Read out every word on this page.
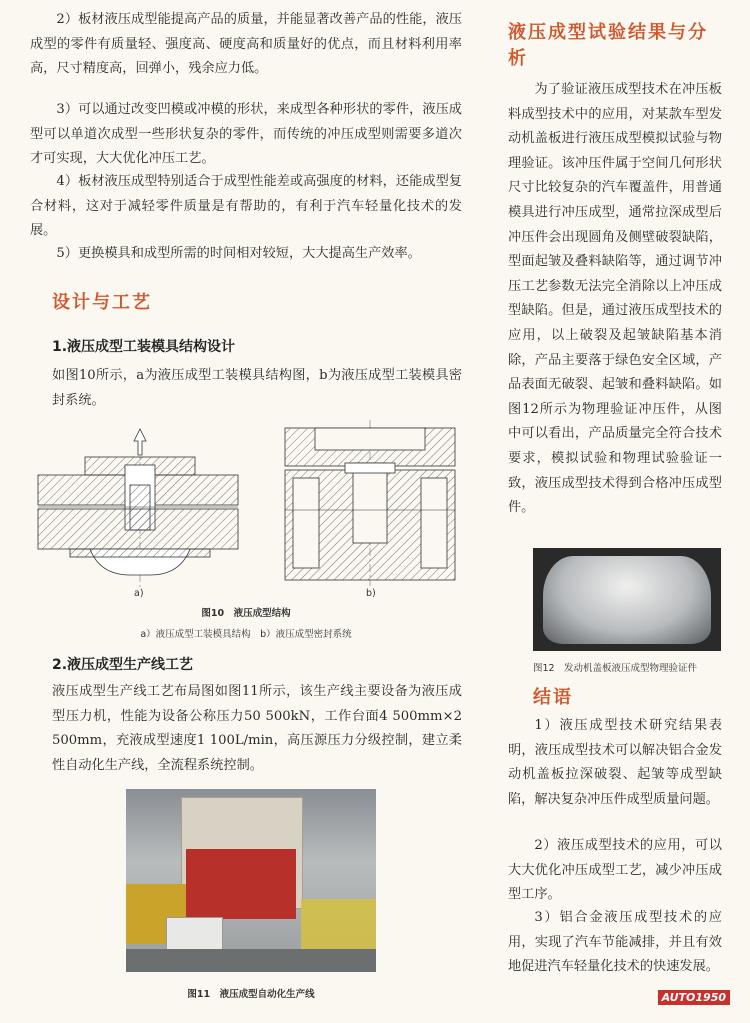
2）板材液压成型能提高产品的质量，并能显著改善产品的性能，液压成型的零件有质量轻、强度高、硬度高和质量好的优点，而且材料利用率高，尺寸精度高，回弹小，残余应力低。

3）可以通过改变凹模或冲模的形状，来成型各种形状的零件，液压成型可以单道次成型一些形状复杂的零件，而传统的冲压成型则需要多道次才可实现，大大优化冲压工艺。

4）板材液压成型特别适合于成型性能差或高强度的材料，还能成型复合材料，这对于减轻零件质量是有帮助的，有利于汽车轻量化技术的发展。

5）更换模具和成型所需的时间相对较短，大大提高生产效率。

设计与工艺
1.液压成型工装模具结构设计

如图10所示，a为液压成型工装模具结构图，b为液压成型工装模具密封系统。

a)	b)

图10　液压成型结构

a）液压成型工装模具结构　b）液压成型密封系统

2.液压成型生产线工艺

液压成型生产线工艺布局图如图11所示，该生产线主要设备为液压成型压力机，性能为设备公称压力50 500kN，工作台面4 500mm×2 500mm，充液成型速度1 100L/min，高压源压力分级控制，建立柔性自动化生产线，全流程系统控制。

图11　液压成型自动化生产线

液压成型试验结果与分析

为了验证液压成型技术在冲压板料成型技术中的应用，对某款车型发动机盖板进行液压成型模拟试验与物理验证。该冲压件属于空间几何形状尺寸比较复杂的汽车覆盖件，用普通模具进行冲压成型，通常拉深成型后冲压件会出现圆角及侧壁破裂缺陷，型面起皱及叠料缺陷等，通过调节冲压工艺参数无法完全消除以上冲压成型缺陷。但是，通过液压成型技术的应用，以上破裂及起皱缺陷基本消除，产品主要落于绿色安全区域，产品表面无破裂、起皱和叠料缺陷。如图12所示为物理验证冲压件，从图中可以看出，产品质量完全符合技术要求，模拟试验和物理试验验证一致，液压成型技术得到合格冲压成型件。

图12　发动机盖板液压成型物理验证件

结语

1）液压成型技术研究结果表明，液压成型技术可以解决铝合金发动机盖板拉深破裂、起皱等成型缺陷，解决复杂冲压件成型质量问题。

2）液压成型技术的应用，可以大大优化冲压成型工艺，减少冲压成型工序。

3）铝合金液压成型技术的应用，实现了汽车节能减排，并且有效地促进汽车轻量化技术的快速发展。

AUTO1950
